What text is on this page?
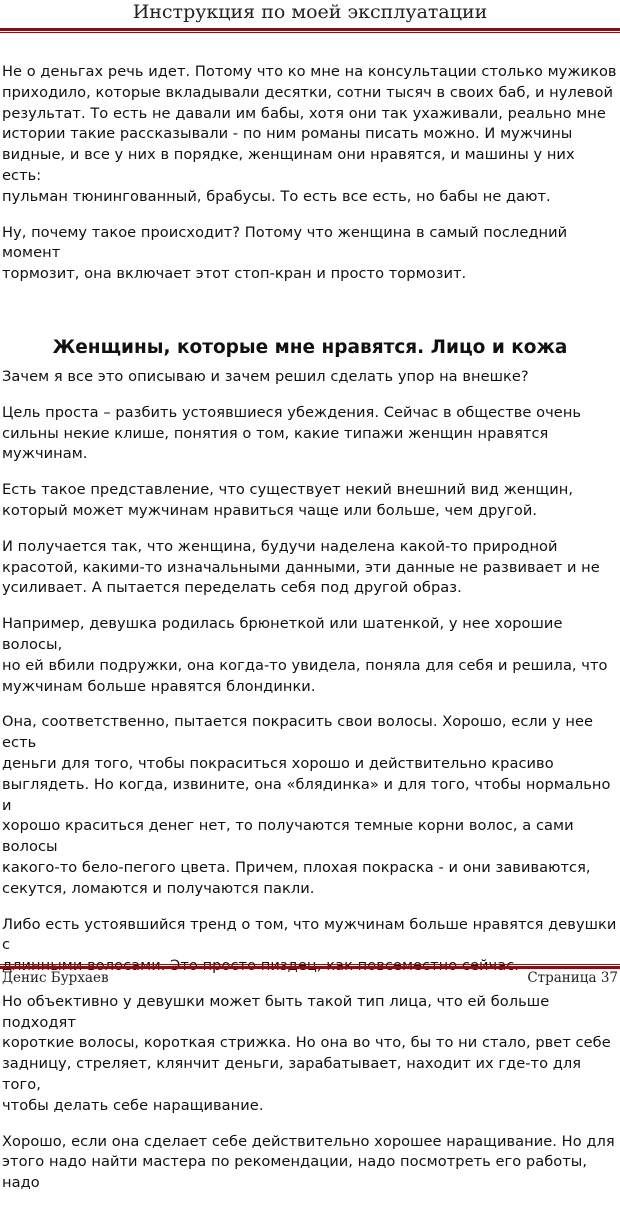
Инструкция по моей эксплуатации

Не о деньгах речь идет. Потому что ко мне на консультации столько мужиков
приходило, которые вкладывали десятки, сотни тысяч в своих баб, и нулевой
результат. То есть не давали им бабы, хотя они так ухаживали, реально мне
истории такие рассказывали - по ним романы писать можно. И мужчины
видные, и все у них в порядке, женщинам они нравятся, и машины у них есть:
пульман тюнингованный, брабусы. То есть все есть, но бабы не дают.

Ну, почему такое происходит? Потому что женщина в самый последний момент
тормозит, она включает этот стоп-кран и просто тормозит.

Женщины, которые мне нравятся. Лицо и кожа

Зачем я все это описываю и зачем решил сделать упор на внешке?

Цель проста – разбить устоявшиеся убеждения. Сейчас в обществе очень
сильны некие клише, понятия о том, какие типажи женщин нравятся мужчинам.

Есть такое представление, что существует некий внешний вид женщин,
который может мужчинам нравиться чаще или больше, чем другой.

И получается так, что женщина, будучи наделена какой-то природной
красотой, какими-то изначальными данными, эти данные не развивает и не
усиливает. А пытается переделать себя под другой образ.

Например, девушка родилась брюнеткой или шатенкой, у нее хорошие волосы,
но ей вбили подружки, она когда-то увидела, поняла для себя и решила, что
мужчинам больше нравятся блондинки.

Она, соответственно, пытается покрасить свои волосы. Хорошо, если у нее есть
деньги для того, чтобы покраситься хорошо и действительно красиво
выглядеть. Но когда, извините, она «блядинка» и для того, чтобы нормально и
хорошо краситься денег нет, то получаются темные корни волос, а сами волосы
какого-то бело-пегого цвета. Причем, плохая покраска - и они завиваются,
секутся, ломаются и получаются пакли.

Либо есть устоявшийся тренд о том, что мужчинам больше нравятся девушки с

Но объективно у девушки может быть такой тип лица, что ей больше подходят
короткие волосы, короткая стрижка. Но она во что, бы то ни стало, рвет себе
задницу, стреляет, клянчит деньги, зарабатывает, находит их где-то для того,
чтобы делать себе наращивание.

Хорошо, если она сделает себе действительно хорошее наращивание. Но для
этого надо найти мастера по рекомендации, надо посмотреть его работы, надо

Денис Бурхаев	Страница 37
